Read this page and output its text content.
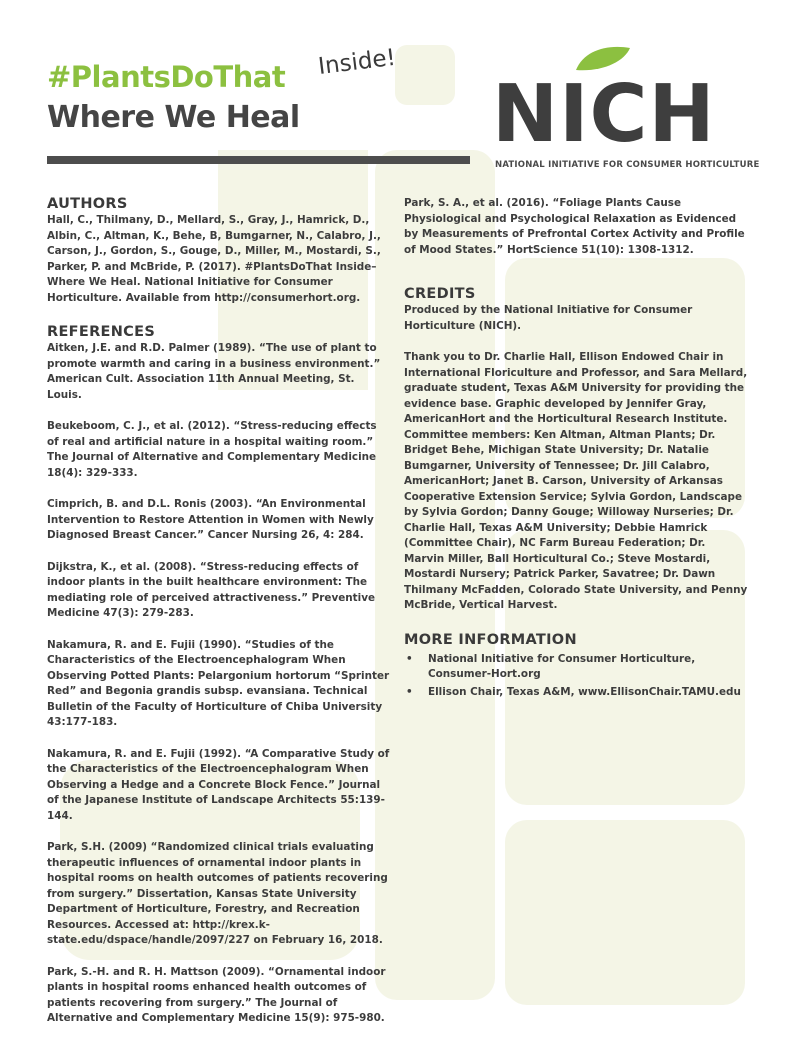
#PlantsDoThat Inside!
Where We Heal NICH
NATIONAL INITIATIVE FOR CONSUMER HORTICULTURE
AUTHORS

Hall, C., Thilmany, D., Mellard, S., Gray, J., Hamrick, D., Albin, C., Altman, K., Behe, B, Bumgarner, N., Calabro, J., Carson, J., Gordon, S., Gouge, D., Miller, M., Mostardi, S., Parker, P. and McBride, P. (2017). #PlantsDoThat Inside–Where We Heal. National Initiative for Consumer Horticulture. Available from http://consumerhort.org.

REFERENCES

Aitken, J.E. and R.D. Palmer (1989). “The use of plant to promote warmth and caring in a business environment.” American Cult. Association 11th Annual Meeting, St. Louis.

Beukeboom, C. J., et al. (2012). “Stress-reducing effects of real and artificial nature in a hospital waiting room.” The Journal of Alternative and Complementary Medicine 18(4): 329-333.

Cimprich, B. and D.L. Ronis (2003). “An Environmental Intervention to Restore Attention in Women with Newly Diagnosed Breast Cancer.” Cancer Nursing 26, 4: 284.

Dijkstra, K., et al. (2008). “Stress-reducing effects of indoor plants in the built healthcare environment: The mediating role of perceived attractiveness.” Preventive Medicine 47(3): 279-283.

Nakamura, R. and E. Fujii (1990). “Studies of the Characteristics of the Electroencephalogram When Observing Potted Plants: Pelargonium hortorum “Sprinter Red” and Begonia grandis subsp. evansiana. Technical Bulletin of the Faculty of Horticulture of Chiba University 43:177-183.

Nakamura, R. and E. Fujii (1992). “A Comparative Study of the Characteristics of the Electroencephalogram When Observing a Hedge and a Concrete Block Fence.” Journal of the Japanese Institute of Landscape Architects 55:139-144.

Park, S.H. (2009) “Randomized clinical trials evaluating therapeutic influences of ornamental indoor plants in hospital rooms on health outcomes of patients recovering from surgery.” Dissertation, Kansas State University Department of Horticulture, Forestry, and Recreation Resources. Accessed at: http://krex.k-state.edu/dspace/handle/2097/227 on February 16, 2018.

Park, S.-H. and R. H. Mattson (2009). “Ornamental indoor plants in hospital rooms enhanced health outcomes of patients recovering from surgery.” The Journal of Alternative and Complementary Medicine 15(9): 975-980.

Park, S. A., et al. (2016). “Foliage Plants Cause Physiological and Psychological Relaxation as Evidenced by Measurements of Prefrontal Cortex Activity and Profile of Mood States.” HortScience 51(10): 1308-1312.

CREDITS

Produced by the National Initiative for Consumer Horticulture (NICH).

Thank you to Dr. Charlie Hall, Ellison Endowed Chair in International Floriculture and Professor, and Sara Mellard, graduate student, Texas A&M University for providing the evidence base. Graphic developed by Jennifer Gray, AmericanHort and the Horticultural Research Institute. Committee members: Ken Altman, Altman Plants; Dr. Bridget Behe, Michigan State University; Dr. Natalie Bumgarner, University of Tennessee; Dr. Jill Calabro, AmericanHort; Janet B. Carson, University of Arkansas Cooperative Extension Service; Sylvia Gordon, Landscape by Sylvia Gordon; Danny Gouge; Willoway Nurseries; Dr. Charlie Hall, Texas A&M University; Debbie Hamrick (Committee Chair), NC Farm Bureau Federation; Dr. Marvin Miller, Ball Horticultural Co.; Steve Mostardi, Mostardi Nursery; Patrick Parker, Savatree; Dr. Dawn Thilmany McFadden, Colorado State University, and Penny McBride, Vertical Harvest.

MORE INFORMATION
• National Initiative for Consumer Horticulture, Consumer-Hort.org
• Ellison Chair, Texas A&M, www.EllisonChair.TAMU.edu
